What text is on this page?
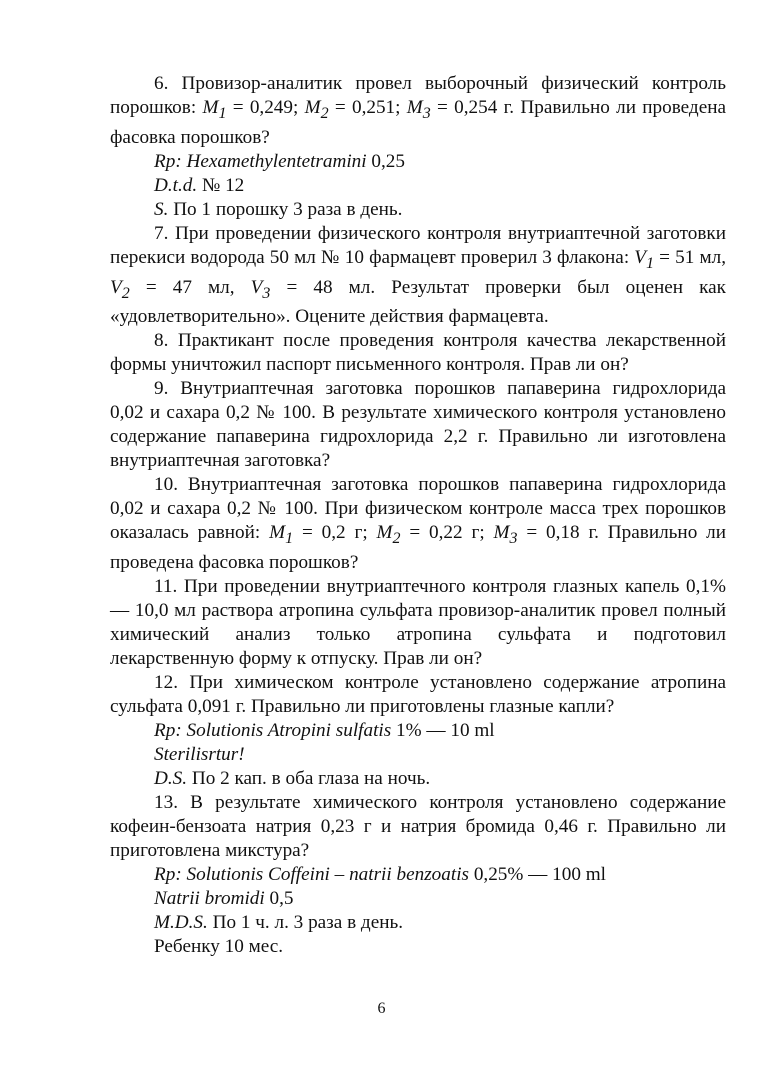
6. Провизор-аналитик провел выборочный физический контроль порошков: $M_1 = 0,249$; $M_2 = 0,251$; $M_3 = 0,254$ г. Правильно ли проведена фасовка порошков?

Rp: Hexamethylentetramini 0,25

D.t.d. № 12

S. По 1 порошку 3 раза в день.

7. При проведении физического контроля внутриаптечной заготовки перекиси водорода 50 мл № 10 фармацевт проверил 3 флакона: $V_1 = 51$ мл, $V_2 = 47$ мл, $V_3 = 48$ мл. Результат проверки был оценен как «удовлетворительно». Оцените действия фармацевта.

8. Практикант после проведения контроля качества лекарственной формы уничтожил паспорт письменного контроля. Прав ли он?

9. Внутриаптечная заготовка порошков папаверина гидрохлорида 0,02 и сахара 0,2 № 100. В результате химического контроля установлено содержание папаверина гидрохлорида 2,2 г. Правильно ли изготовлена внутриаптечная заготовка?

10. Внутриаптечная заготовка порошков папаверина гидрохлорида 0,02 и сахара 0,2 № 100. При физическом контроле масса трех порошков оказалась равной: $M_1 = 0,2$ г; $M_2 = 0,22$ г; $M_3 = 0,18$ г. Правильно ли проведена фасовка порошков?

11. При проведении внутриаптечного контроля глазных капель 0,1% — 10,0 мл раствора атропина сульфата провизор-аналитик провел полный химический анализ только атропина сульфата и подготовил лекарственную форму к отпуску. Прав ли он?

12. При химическом контроле установлено содержание атропина сульфата 0,091 г. Правильно ли приготовлены глазные капли?

Rp: Solutionis Atropini sulfatis 1% — 10 ml

Sterilisrtur!

D.S. По 2 кап. в оба глаза на ночь.

13. В результате химического контроля установлено содержание кофеин-бензоата натрия 0,23 г и натрия бромида 0,46 г. Правильно ли приготовлена микстура?

Rp: Solutionis Coffeini – natrii benzoatis 0,25% — 100 ml

Natrii bromidi 0,5

M.D.S. По 1 ч. л. 3 раза в день.

Ребенку 10 мес.

6
